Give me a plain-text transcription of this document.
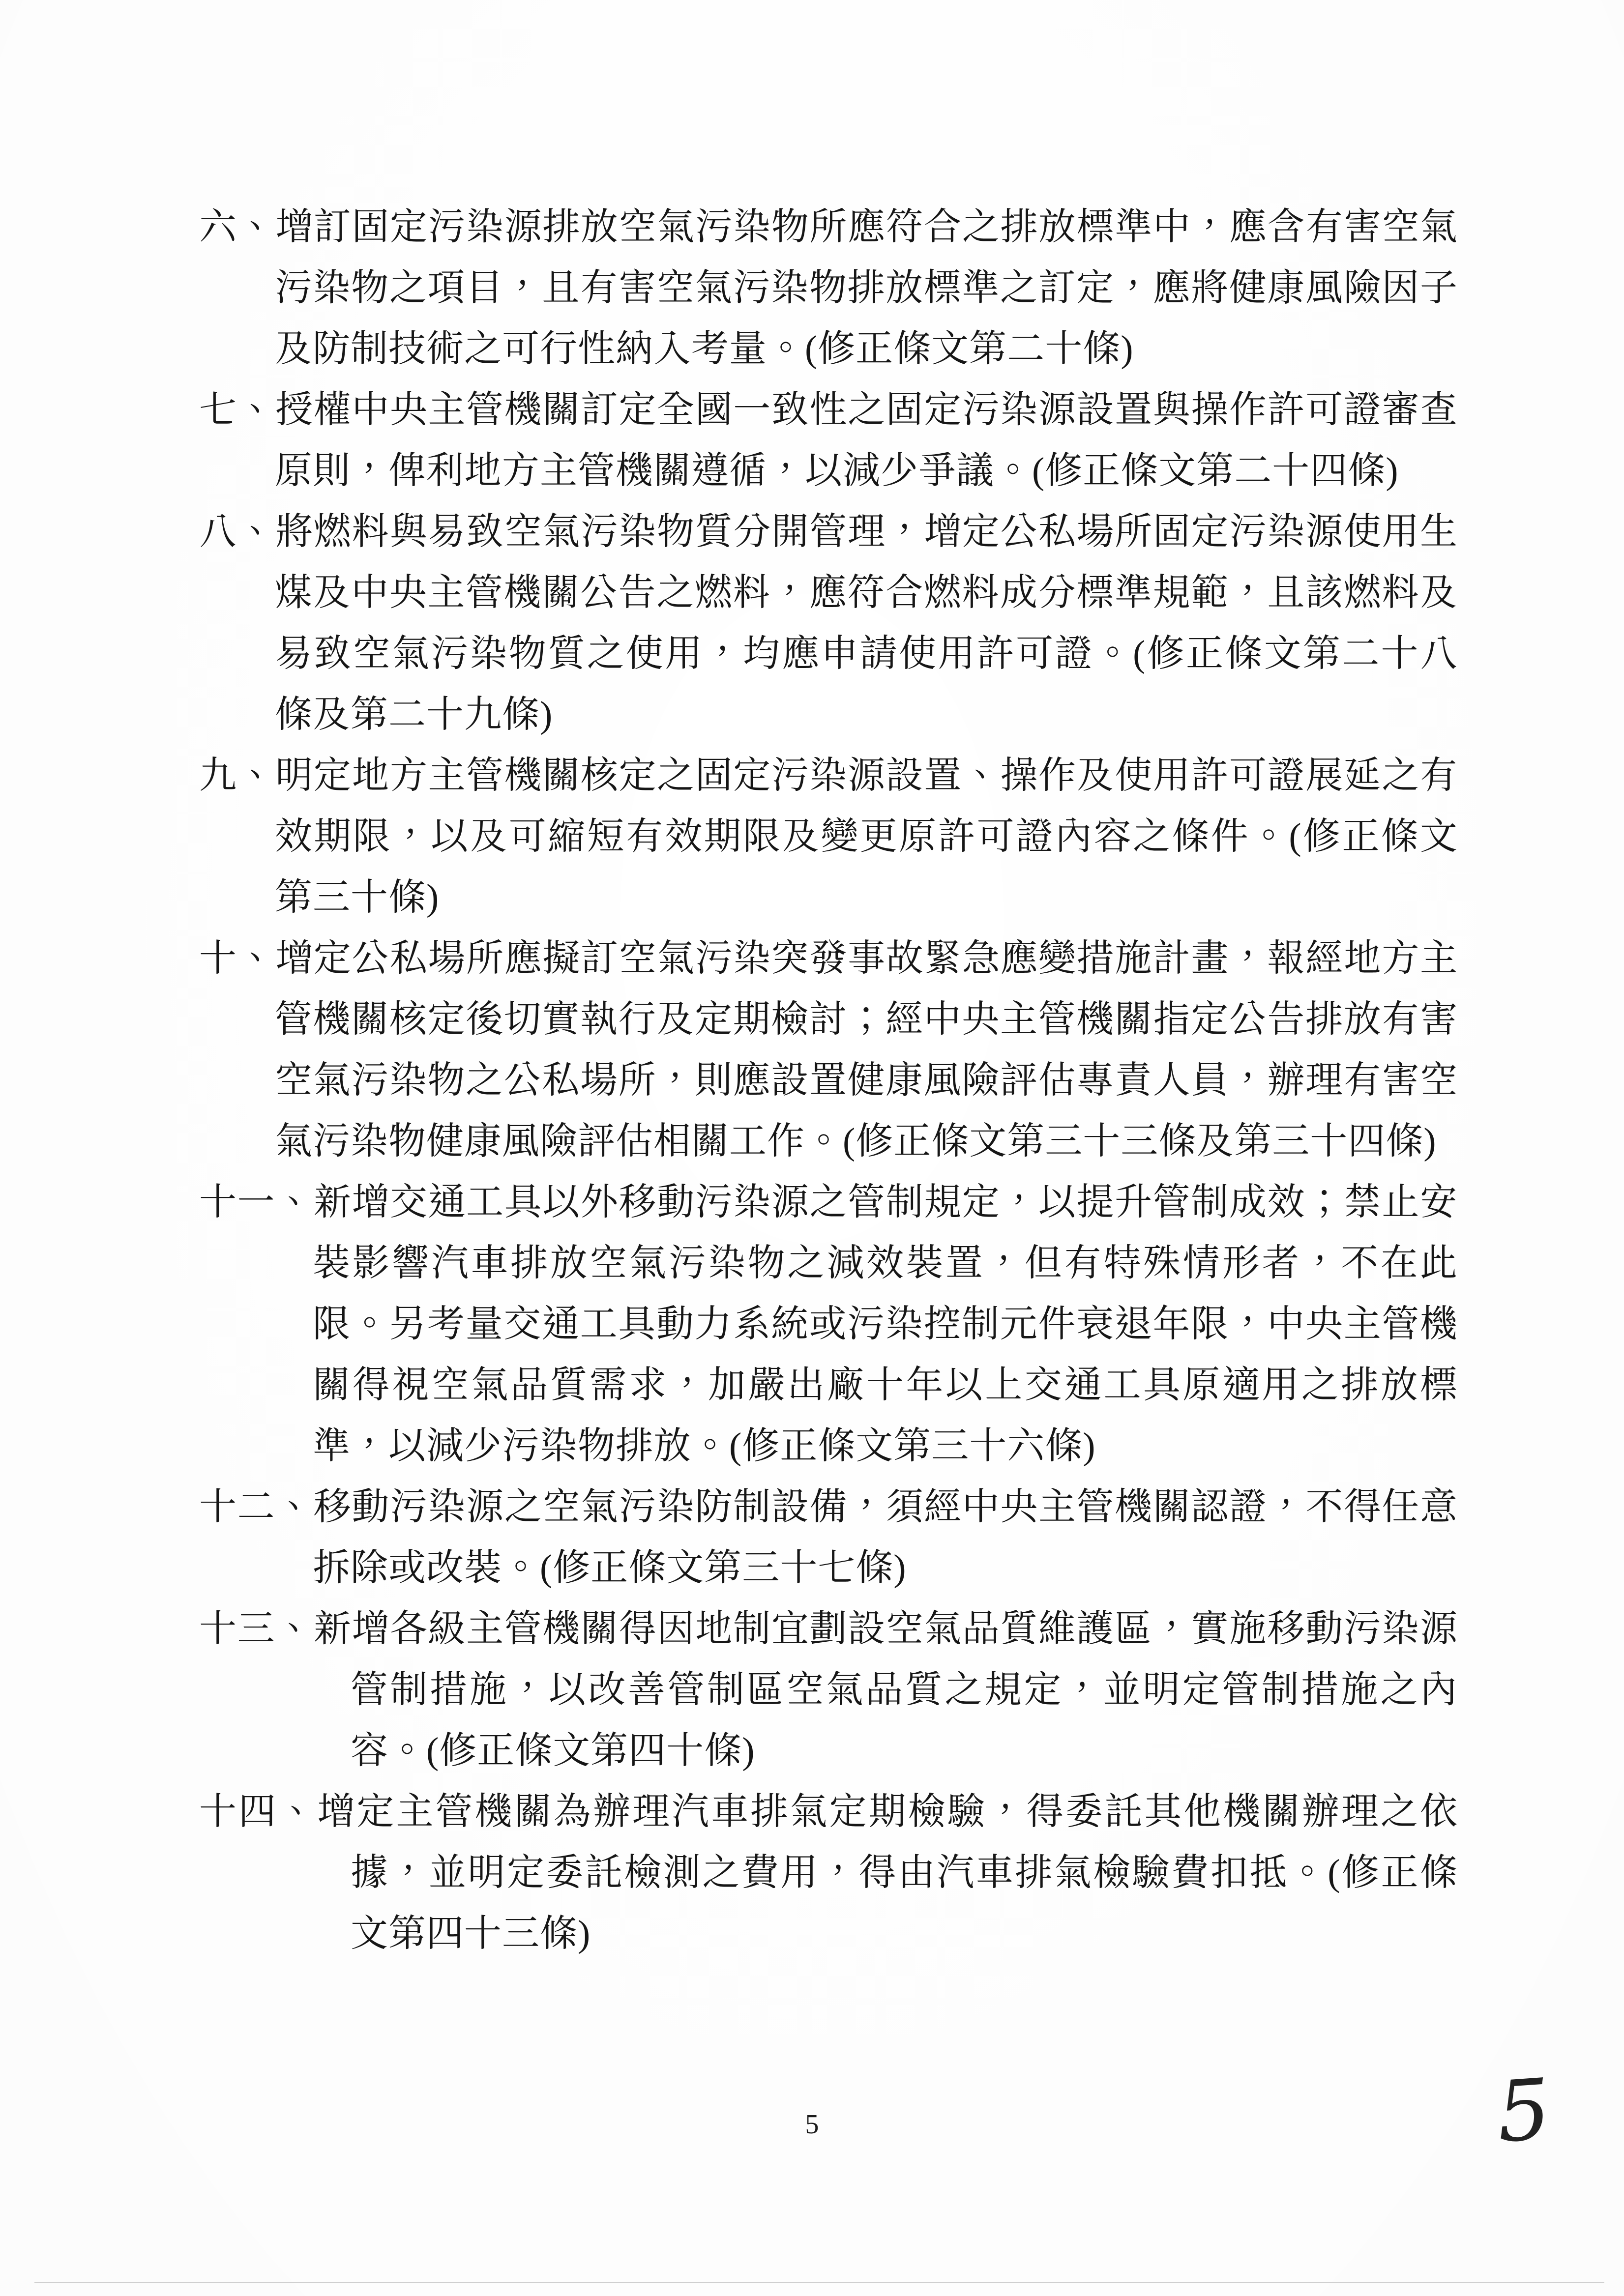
六、增訂固定污染源排放空氣污染物所應符合之排放標準中，應含有害空氣污染物之項目，且有害空氣污染物排放標準之訂定，應將健康風險因子及防制技術之可行性納入考量。(修正條文第二十條)
七、授權中央主管機關訂定全國一致性之固定污染源設置與操作許可證審查原則，俾利地方主管機關遵循，以減少爭議。(修正條文第二十四條)
八、將燃料與易致空氣污染物質分開管理，增定公私場所固定污染源使用生煤及中央主管機關公告之燃料，應符合燃料成分標準規範，且該燃料及易致空氣污染物質之使用，均應申請使用許可證。(修正條文第二十八條及第二十九條)
九、明定地方主管機關核定之固定污染源設置、操作及使用許可證展延之有效期限，以及可縮短有效期限及變更原許可證內容之條件。(修正條文第三十條)
十、增定公私場所應擬訂空氣污染突發事故緊急應變措施計畫，報經地方主管機關核定後切實執行及定期檢討；經中央主管機關指定公告排放有害空氣污染物之公私場所，則應設置健康風險評估專責人員，辦理有害空氣污染物健康風險評估相關工作。(修正條文第三十三條及第三十四條)
十一、新增交通工具以外移動污染源之管制規定，以提升管制成效；禁止安裝影響汽車排放空氣污染物之減效裝置，但有特殊情形者，不在此限。另考量交通工具動力系統或污染控制元件衰退年限，中央主管機關得視空氣品質需求，加嚴出廠十年以上交通工具原適用之排放標準，以減少污染物排放。(修正條文第三十六條)
十二、移動污染源之空氣污染防制設備，須經中央主管機關認證，不得任意拆除或改裝。(修正條文第三十七條)
十三、新增各級主管機關得因地制宜劃設空氣品質維護區，實施移動污染源管制措施，以改善管制區空氣品質之規定，並明定管制措施之內容。(修正條文第四十條)
十四、增定主管機關為辦理汽車排氣定期檢驗，得委託其他機關辦理之依據，並明定委託檢測之費用，得由汽車排氣檢驗費扣抵。(修正條文第四十三條)
5	5
